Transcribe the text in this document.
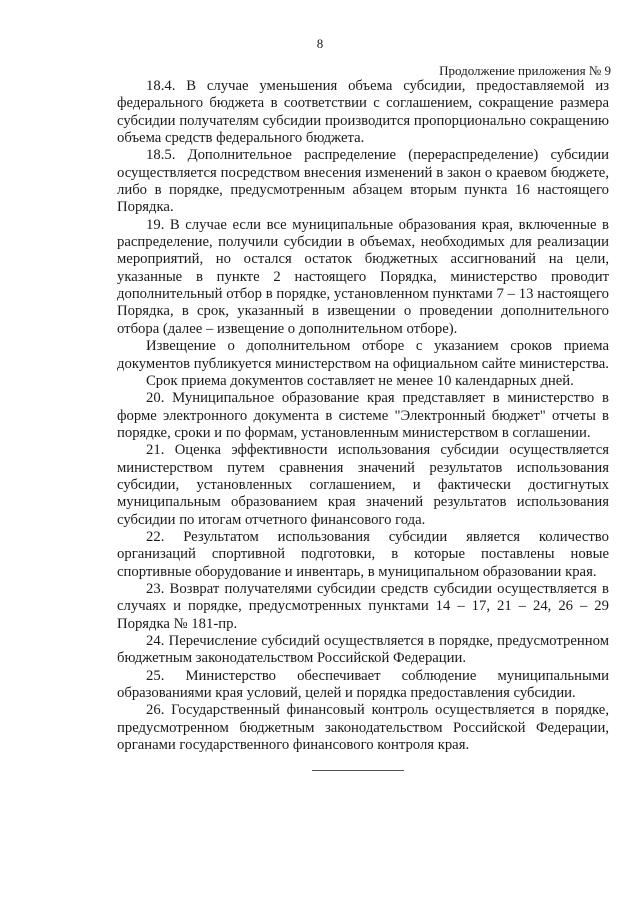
8
Продолжение приложения № 9

18.4. В случае уменьшения объема субсидии, предоставляемой из федерального бюджета в соответствии с соглашением, сокращение размера субсидии получателям субсидии производится пропорционально сокращению объема средств федерального бюджета.

18.5. Дополнительное распределение (перераспределение) субсидии осуществляется посредством внесения изменений в закон о краевом бюджете, либо в порядке, предусмотренным абзацем вторым пункта 16 настоящего Порядка.

19. В случае если все муниципальные образования края, включенные в распределение, получили субсидии в объемах, необходимых для реализации мероприятий, но остался остаток бюджетных ассигнований на цели, указанные в пункте 2 настоящего Порядка, министерство проводит дополнительный отбор в порядке, установленном пунктами 7 – 13 настоящего Порядка, в срок, указанный в извещении о проведении дополнительного отбора (далее – извещение о дополнительном отборе).

Извещение о дополнительном отборе с указанием сроков приема документов публикуется министерством на официальном сайте министерства.

Срок приема документов составляет не менее 10 календарных дней.

20. Муниципальное образование края представляет в министерство в форме электронного документа в системе "Электронный бюджет" отчеты в порядке, сроки и по формам, установленным министерством в соглашении.

21. Оценка эффективности использования субсидии осуществляется министерством путем сравнения значений результатов использования субсидии, установленных соглашением, и фактически достигнутых муниципальным образованием края значений результатов использования субсидии по итогам отчетного финансового года.

22. Результатом использования субсидии является количество организаций спортивной подготовки, в которые поставлены новые спортивные оборудование и инвентарь, в муниципальном образовании края.

23. Возврат получателями субсидии средств субсидии осуществляется в случаях и порядке, предусмотренных пунктами 14 – 17, 21 – 24, 26 – 29 Порядка № 181-пр.

24. Перечисление субсидий осуществляется в порядке, предусмотренном бюджетным законодательством Российской Федерации.

25. Министерство обеспечивает соблюдение муниципальными образованиями края условий, целей и порядка предоставления субсидии.

26. Государственный финансовый контроль осуществляется в порядке, предусмотренном бюджетным законодательством Российской Федерации, органами государственного финансового контроля края.
